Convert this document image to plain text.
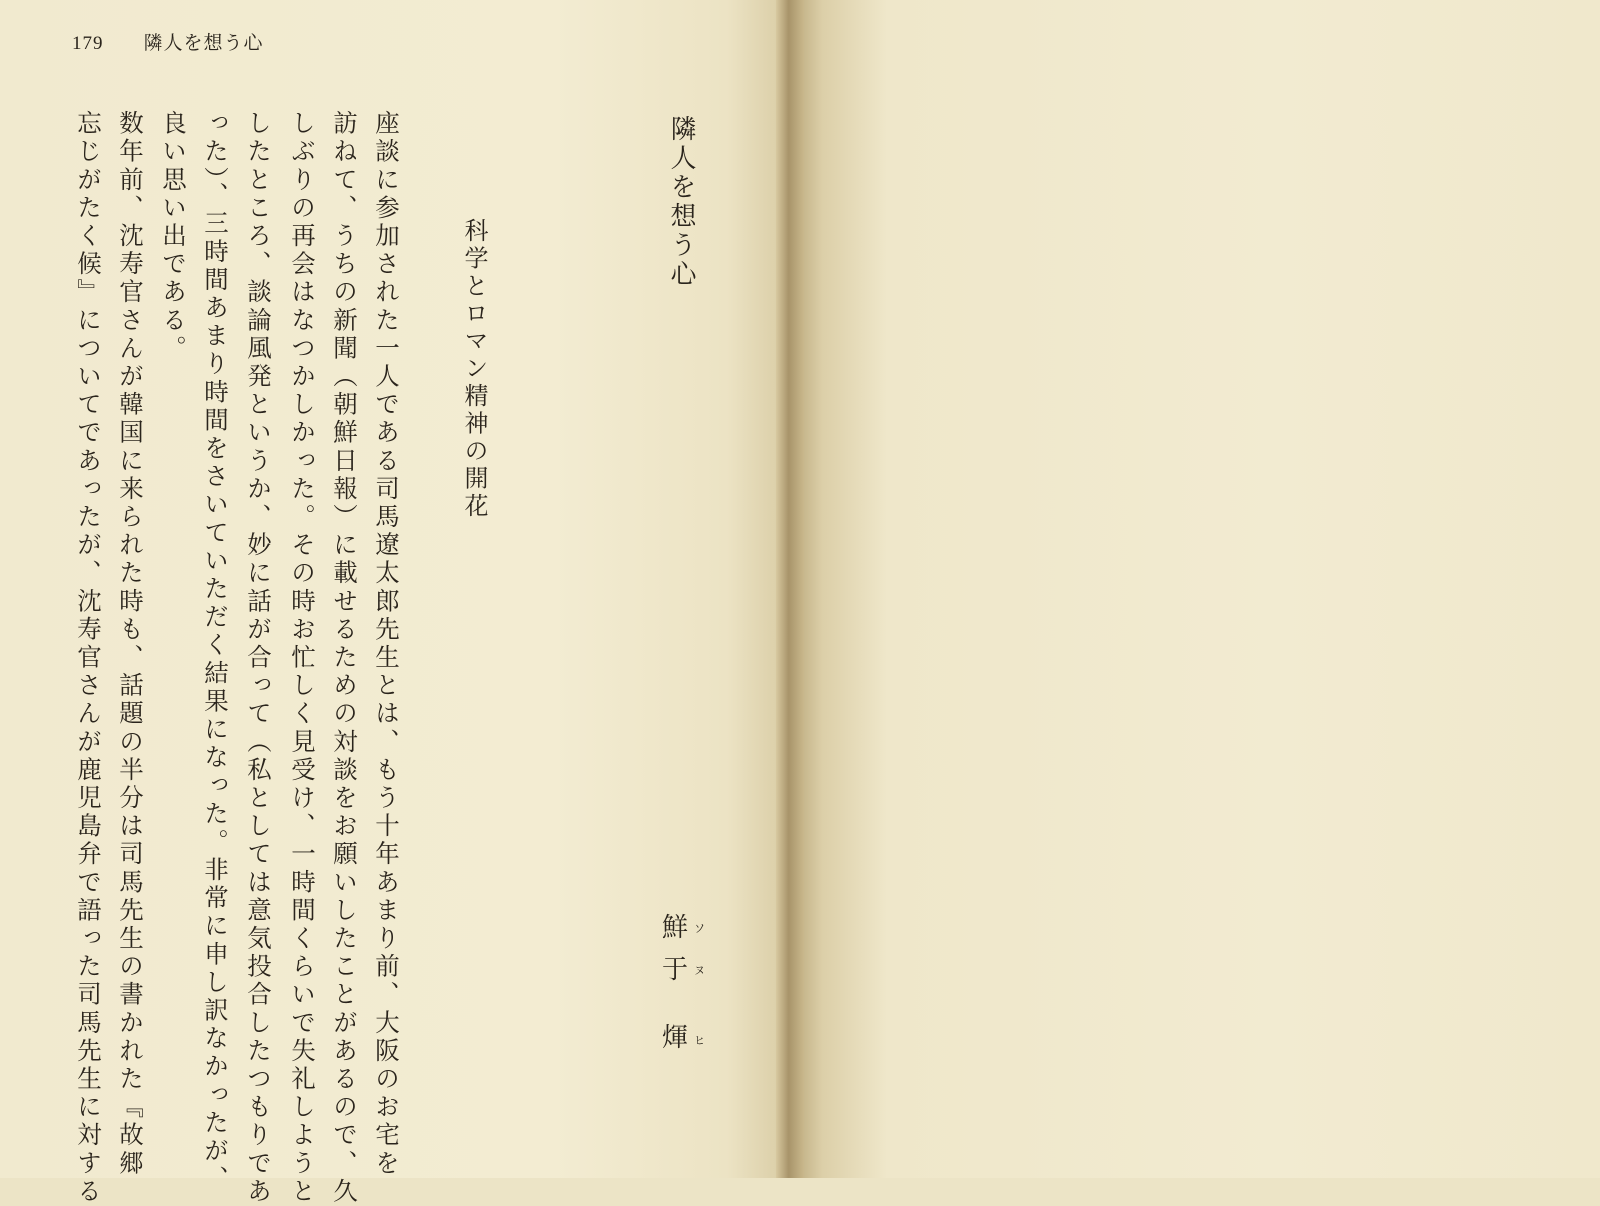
179 隣人を想う心
科学とロマン精神の開花
座談に参加された一人である司馬遼太郎先生とは、もう十年あまり前、大阪のお宅を
訪ねて、うちの新聞（朝鮮日報）に載せるための対談をお願いしたことがあるので、久
しぶりの再会はなつかしかった。その時お忙しく見受け、一時間くらいで失礼しようと
したところ、談論風発というか、妙に話が合って（私としては意気投合したつもりであ
った）、三時間あまり時間をさいていただく結果になった。非常に申し訳なかったが、
良い思い出である。
数年前、沈寿官さんが韓国に来られた時も、話題の半分は司馬先生の書かれた『故郷
忘じがたく候』についてであったが、沈寿官さんが鹿児島弁で語った司馬先生に対する	隣人を想う心
鮮 ソ
于 ヌ
煇 ヒ
